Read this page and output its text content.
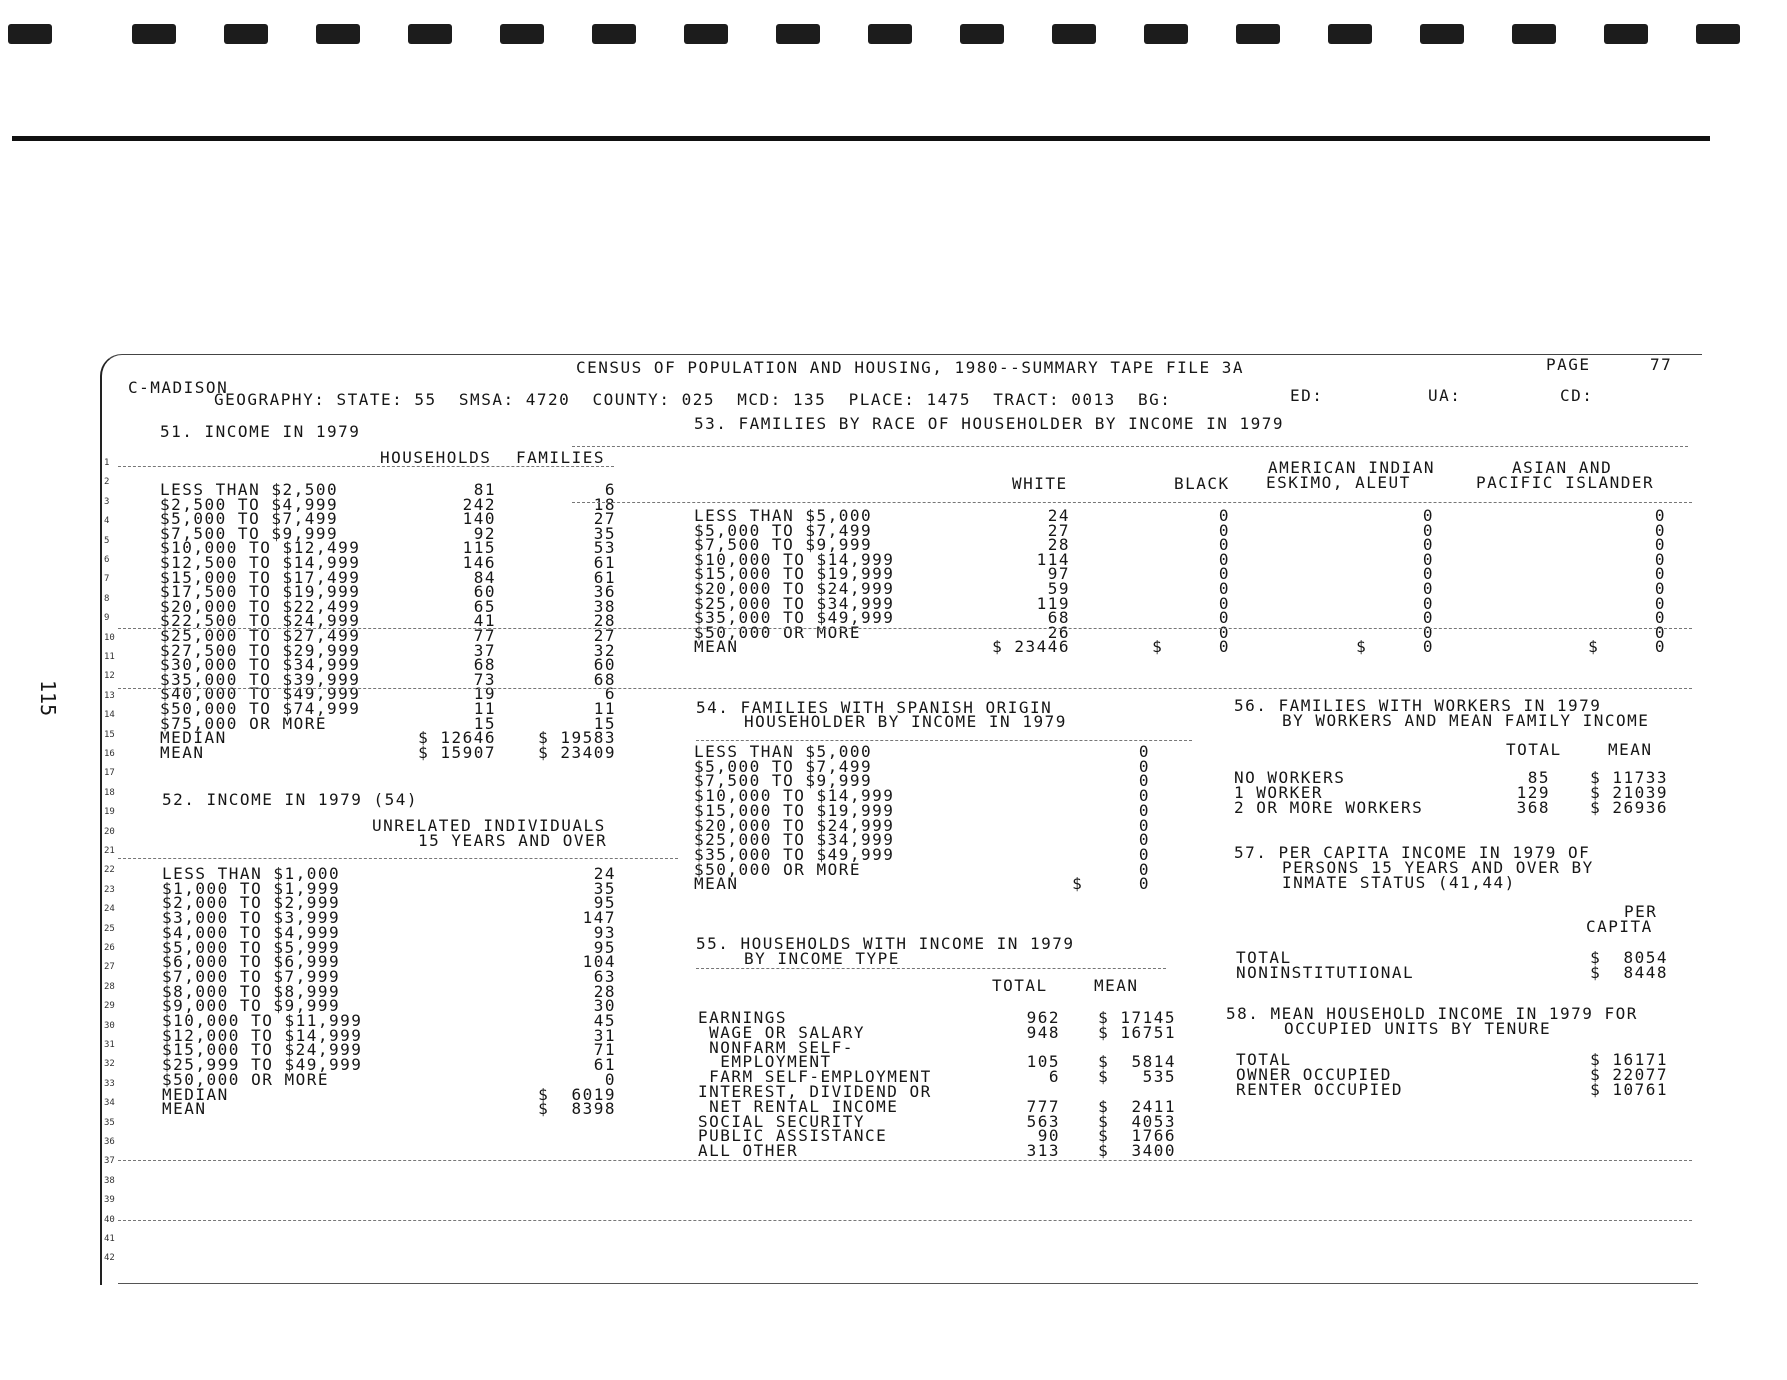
1
2
3
4
5
6
7
8
9
10
11
12
13
14
15
16
17
18
19
20
21
22
23
24
25
26
27
28
29
30
31
32
33
34
35
36
37
38
39
40
41
42
115
C-MADISON
CENSUS OF POPULATION AND HOUSING, 1980--SUMMARY TAPE FILE 3A	PAGE	77
GEOGRAPHY: STATE: 55  SMSA: 4720  COUNTY: 025  MCD: 135  PLACE: 1475  TRACT: 0013  BG:	ED:	UA:	CD:
51. INCOME IN 1979
HOUSEHOLDS FAMILIES
LESS THAN $2,500	81	6
$2,500 TO $4,999	242	18
$5,000 TO $7,499	140	27
$7,500 TO $9,999	92	35
$10,000 TO $12,499	115	53
$12,500 TO $14,999	146	61
$15,000 TO $17,499	84	61
$17,500 TO $19,999	60	36
$20,000 TO $22,499	65	38
$22,500 TO $24,999	41	28
$25,000 TO $27,499	77	27
$27,500 TO $29,999	37	32
$30,000 TO $34,999	68	60
$35,000 TO $39,999	73	68
$40,000 TO $49,999	19	6
$50,000 TO $74,999	11	11
$75,000 OR MORE	15	15
MEDIAN	$ 12646	$ 19583
MEAN	$ 15907	$ 23409
52. INCOME IN 1979 (54)
UNRELATED INDIVIDUALS
15 YEARS AND OVER
LESS THAN $1,000	24
$1,000 TO $1,999	35
$2,000 TO $2,999	95
$3,000 TO $3,999	147
$4,000 TO $4,999	93
$5,000 TO $5,999	95
$6,000 TO $6,999	104
$7,000 TO $7,999	63
$8,000 TO $8,999	28
$9,000 TO $9,999	30
$10,000 TO $11,999	45
$12,000 TO $14,999	31
$15,000 TO $24,999	71
$25,999 TO $49,999	61
$50,000 OR MORE	0
MEDIAN	$  6019
MEAN	$  8398
53. FAMILIES BY RACE OF HOUSEHOLDER BY INCOME IN 1979
WHITE	BLACK
AMERICAN INDIAN
ESKIMO, ALEUT
ASIAN AND
PACIFIC ISLANDER
LESS THAN $5,000	24	0	0	0
$5,000 TO $7,499	27	0	0	0
$7,500 TO $9,999	28	0	0	0
$10,000 TO $14,999	114	0	0	0
$15,000 TO $19,999	97	0	0	0
$20,000 TO $24,999	59	0	0	0
$25,000 TO $34,999	119	0	0	0
$35,000 TO $49,999	68	0	0	0
$50,000 OR MORE	26	0	0	0
MEAN	$ 23446	$     0	$     0	$     0
54. FAMILIES WITH SPANISH ORIGIN
HOUSEHOLDER BY INCOME IN 1979
LESS THAN $5,000	0
$5,000 TO $7,499	0
$7,500 TO $9,999	0
$10,000 TO $14,999	0
$15,000 TO $19,999	0
$20,000 TO $24,999	0
$25,000 TO $34,999	0
$35,000 TO $49,999	0
$50,000 OR MORE	0
MEAN	$     0
55. HOUSEHOLDS WITH INCOME IN 1979
BY INCOME TYPE
TOTAL	MEAN
EARNINGS	962	$ 17145
WAGE OR SALARY	948	$ 16751
NONFARM SELF-
EMPLOYMENT	105	$  5814
FARM SELF-EMPLOYMENT	6	$   535
INTEREST, DIVIDEND OR
NET RENTAL INCOME	777	$  2411
SOCIAL SECURITY	563	$  4053
PUBLIC ASSISTANCE	90	$  1766
ALL OTHER	313	$  3400
56. FAMILIES WITH WORKERS IN 1979
BY WORKERS AND MEAN FAMILY INCOME
TOTAL	MEAN
NO WORKERS	85	$ 11733
1 WORKER	129	$ 21039
2 OR MORE WORKERS	368	$ 26936
57. PER CAPITA INCOME IN 1979 OF
PERSONS 15 YEARS AND OVER BY
INMATE STATUS (41,44)
PER
CAPITA
TOTAL	$  8054
NONINSTITUTIONAL	$  8448
58. MEAN HOUSEHOLD INCOME IN 1979 FOR
OCCUPIED UNITS BY TENURE
TOTAL	$ 16171
OWNER OCCUPIED	$ 22077
RENTER OCCUPIED	$ 10761
